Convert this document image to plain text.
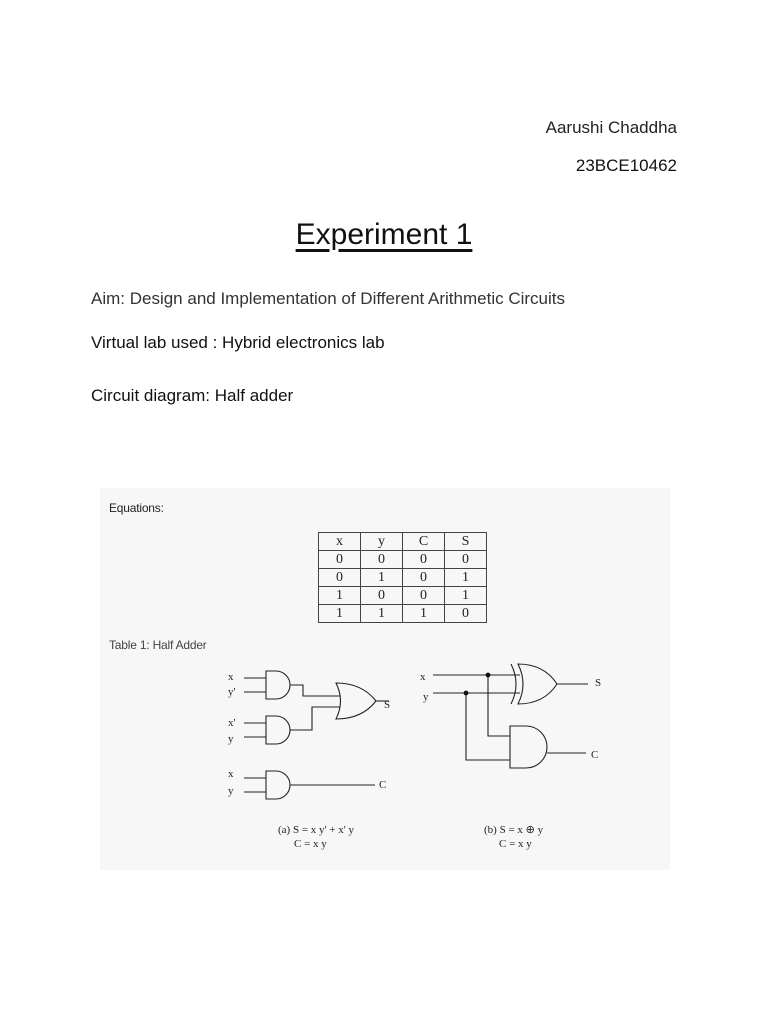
Aarushi Chaddha
23BCE10462
Experiment 1
Aim: Design and Implementation of Different Arithmetic Circuits
Virtual lab used : Hybrid electronics lab
Circuit diagram: Half adder
Equations:
x	y	C	S
0	0	0	0
0	1	0	1
1	0	0	1
1	1	1	0
Table 1: Half Adder
x
y'
x'
y
x
y
S
C
x
y
S
C
(a) S = x y' + x' y
C = x y
(b) S = x ⊕ y
C = x y
